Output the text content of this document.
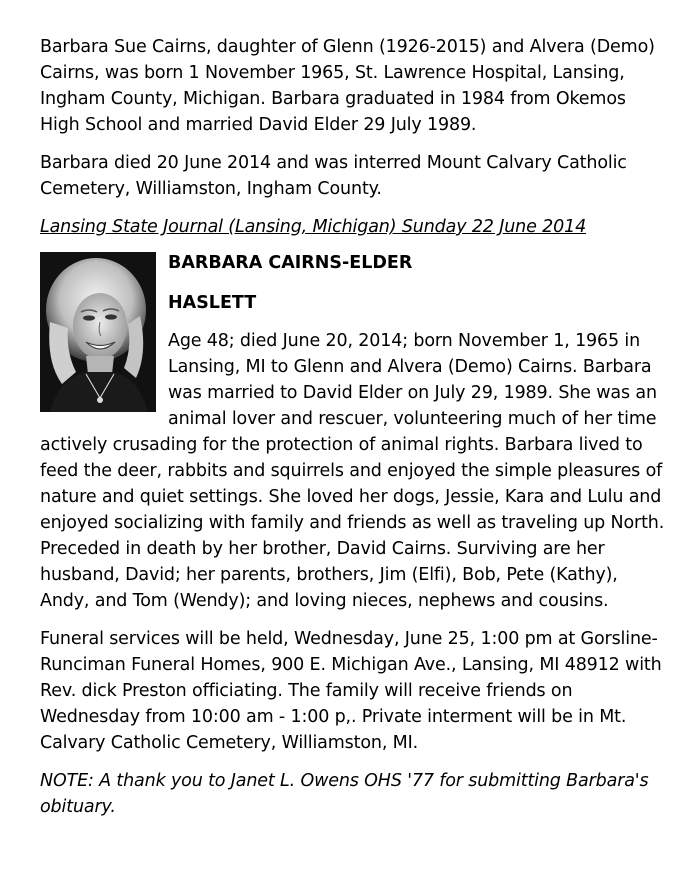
Barbara Sue Cairns, daughter of Glenn (1926-2015) and Alvera (Demo) Cairns, was born 1 November 1965, St. Lawrence Hospital, Lansing, Ingham County, Michigan. Barbara graduated in 1984 from Okemos High School and married David Elder 29 July 1989.

Barbara died 20 June 2014 and was interred Mount Calvary Catholic Cemetery, Williamston, Ingham County.

Lansing State Journal (Lansing, Michigan) Sunday 22 June 2014

BARBARA CAIRNS-ELDER

HASLETT

Age 48; died June 20, 2014; born November 1, 1965 in Lansing, MI to Glenn and Alvera (Demo) Cairns. Barbara was married to David Elder on July 29, 1989. She was an animal lover and rescuer, volunteering much of her time actively crusading for the protection of animal rights. Barbara lived to feed the deer, rabbits and squirrels and enjoyed the simple pleasures of nature and quiet settings. She loved her dogs, Jessie, Kara and Lulu and enjoyed socializing with family and friends as well as traveling up North. Preceded in death by her brother, David Cairns. Surviving are her husband, David; her parents, brothers, Jim (Elfi), Bob, Pete (Kathy), Andy, and Tom (Wendy); and loving nieces, nephews and cousins.

Funeral services will be held, Wednesday, June 25, 1:00 pm at Gorsline-Runciman Funeral Homes, 900 E. Michigan Ave., Lansing, MI 48912 with Rev. dick Preston officiating. The family will receive friends on Wednesday from 10:00 am - 1:00 p,. Private interment will be in Mt. Calvary Catholic Cemetery, Williamston, MI.

NOTE: A thank you to Janet L. Owens OHS '77 for submitting Barbara's obituary.
